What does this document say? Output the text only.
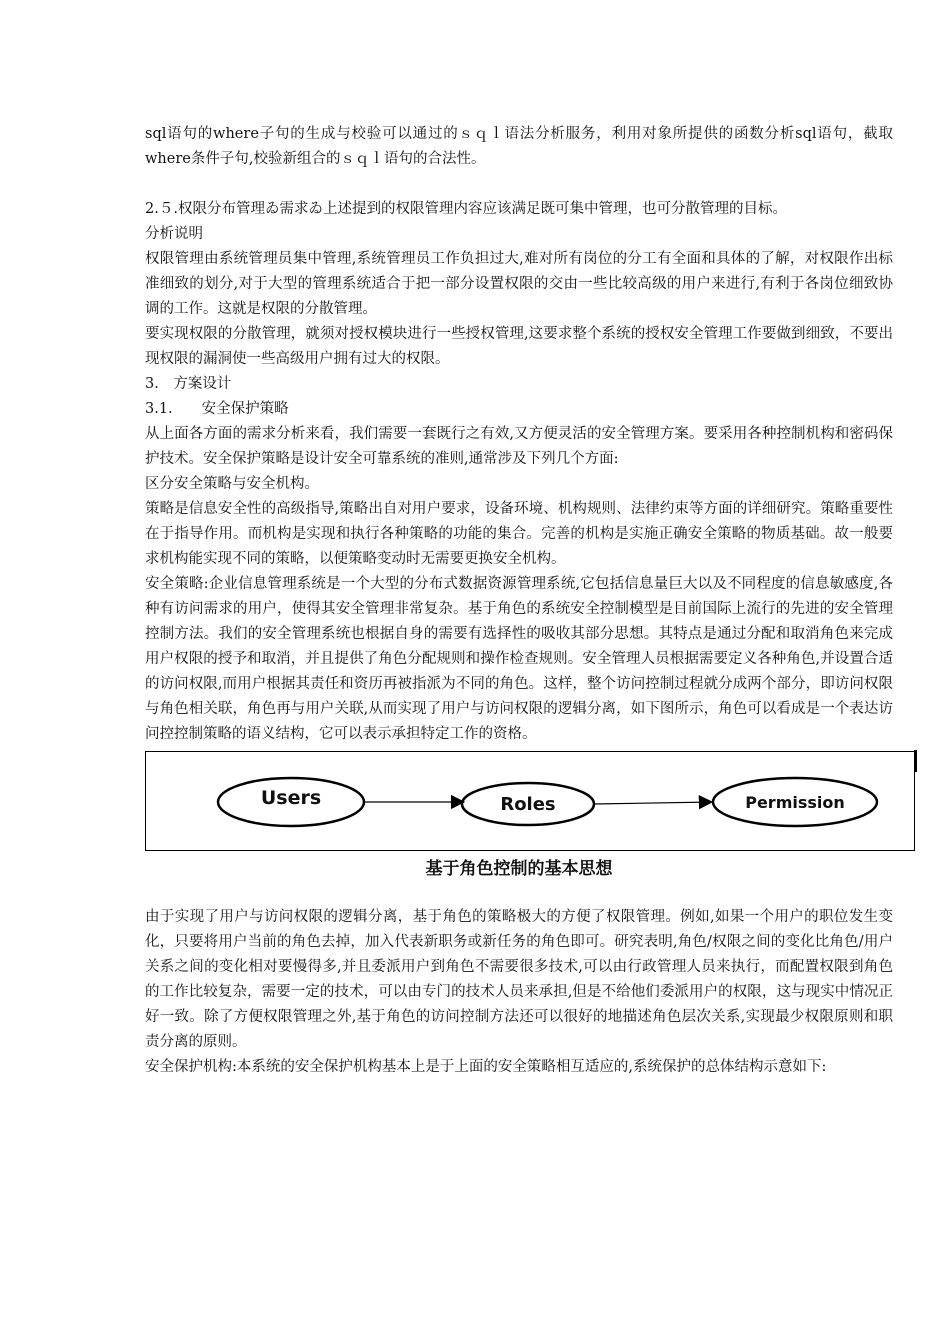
sql语句的where子句的生成与校验可以通过的ｓｑｌ语法分析服务，利用对象所提供的函数分析sql语句，截取where条件子句,校验新组合的ｓｑｌ语句的合法性。

2.５.权限分布管理ゐ需求ゐ上述提到的权限管理内容应该满足既可集中管理，也可分散管理的目标。

分析说明

权限管理由系统管理员集中管理,系统管理员工作负担过大,难对所有岗位的分工有全面和具体的了解，对权限作出标准细致的划分,对于大型的管理系统适合于把一部分设置权限的交由一些比较高级的用户来进行,有利于各岗位细致协调的工作。这就是权限的分散管理。

要实现权限的分散管理，就须对授权模块进行一些授权管理,这要求整个系统的授权安全管理工作要做到细致，不要出现权限的漏洞使一些高级用户拥有过大的权限。

3.　方案设计

3.1.　　安全保护策略

从上面各方面的需求分析来看，我们需要一套既行之有效,又方便灵活的安全管理方案。要采用各种控制机构和密码保护技术。安全保护策略是设计安全可靠系统的准则,通常涉及下列几个方面:

区分安全策略与安全机构。

策略是信息安全性的高级指导,策略出自对用户要求，设备环境、机构规则、法律约束等方面的详细研究。策略重要性在于指导作用。而机构是实现和执行各种策略的功能的集合。完善的机构是实施正确安全策略的物质基础。故一般要求机构能实现不同的策略，以便策略变动时无需要更换安全机构。

安全策略:企业信息管理系统是一个大型的分布式数据资源管理系统,它包括信息量巨大以及不同程度的信息敏感度,各种有访问需求的用户，使得其安全管理非常复杂。基于角色的系统安全控制模型是目前国际上流行的先进的安全管理控制方法。我们的安全管理系统也根据自身的需要有选择性的吸收其部分思想。其特点是通过分配和取消角色来完成用户权限的授予和取消，并且提供了角色分配规则和操作检查规则。安全管理人员根据需要定义各种角色,并设置合适的访问权限,而用户根据其责任和资历再被指派为不同的角色。这样，整个访问控制过程就分成两个部分，即访问权限与角色相关联，角色再与用户关联,从而实现了用户与访问权限的逻辑分离，如下图所示，角色可以看成是一个表达访问控控制策略的语义结构，它可以表示承担特定工作的资格。

Users	Roles	Permission
基于角色控制的基本思想

由于实现了用户与访问权限的逻辑分离，基于角色的策略极大的方便了权限管理。例如,如果一个用户的职位发生变化，只要将用户当前的角色去掉，加入代表新职务或新任务的角色即可。研究表明,角色/权限之间的变化比角色/用户关系之间的变化相对要慢得多,并且委派用户到角色不需要很多技术,可以由行政管理人员来执行，而配置权限到角色的工作比较复杂，需要一定的技术，可以由专门的技术人员来承担,但是不给他们委派用户的权限，这与现实中情况正好一致。除了方便权限管理之外,基于角色的访问控制方法还可以很好的地描述角色层次关系,实现最少权限原则和职责分离的原则。

安全保护机构:本系统的安全保护机构基本上是于上面的安全策略相互适应的,系统保护的总体结构示意如下:
